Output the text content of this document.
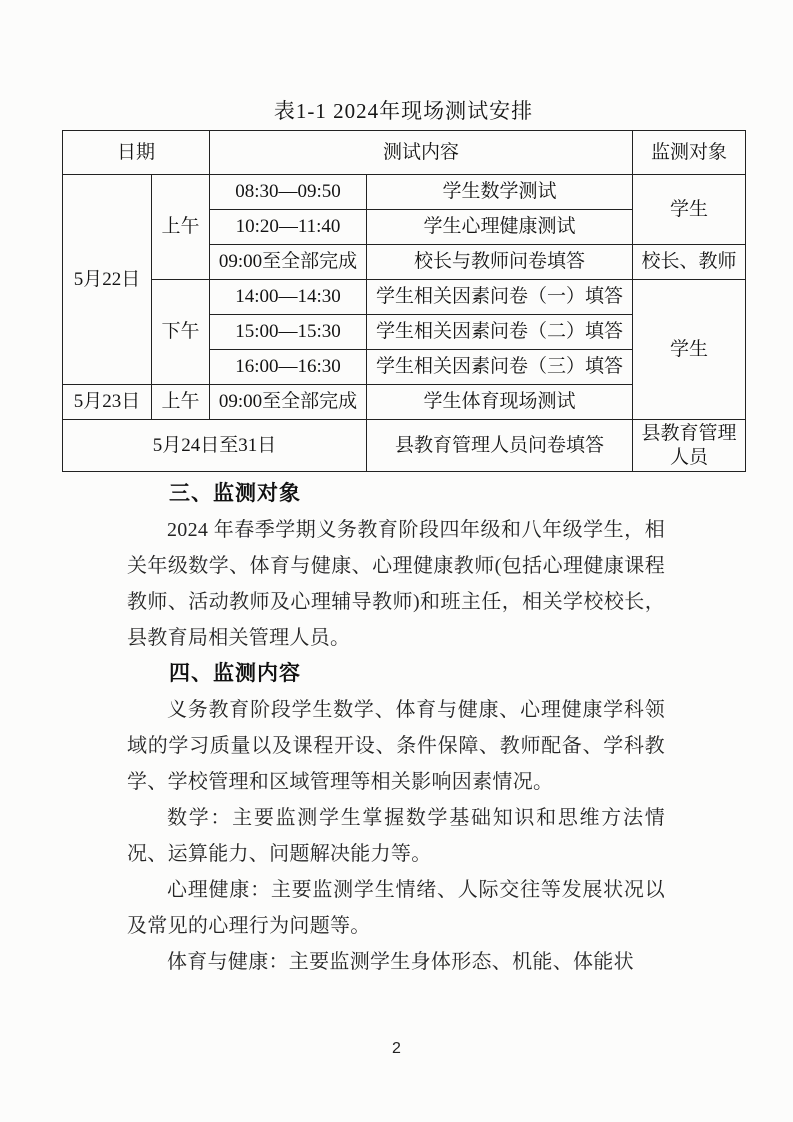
表1-1 2024年现场测试安排
日期		测试内容		监测对象
5月22日	上午	08:30—09:50	学生数学测试	学生
		10:20—11:40	学生心理健康测试	
		09:00至全部完成	校长与教师问卷填答	校长、教师
	下午	14:00—14:30	学生相关因素问卷（一）填答	学生
		15:00—15:30	学生相关因素问卷（二）填答	
		16:00—16:30	学生相关因素问卷（三）填答	
5月23日	上午	09:00至全部完成	学生体育现场测试	
5月24日至31日			县教育管理人员问卷填答	县教育管理人员
三、监测对象

2024 年春季学期义务教育阶段四年级和八年级学生，相关年级数学、体育与健康、心理健康教师(包括心理健康课程教师、活动教师及心理辅导教师)和班主任，相关学校校长，县教育局相关管理人员。

四、监测内容

义务教育阶段学生数学、体育与健康、心理健康学科领域的学习质量以及课程开设、条件保障、教师配备、学科教学、学校管理和区域管理等相关影响因素情况。

数学：主要监测学生掌握数学基础知识和思维方法情况、运算能力、问题解决能力等。

心理健康：主要监测学生情绪、人际交往等发展状况以及常见的心理行为问题等。

体育与健康：主要监测学生身体形态、机能、体能状

2
